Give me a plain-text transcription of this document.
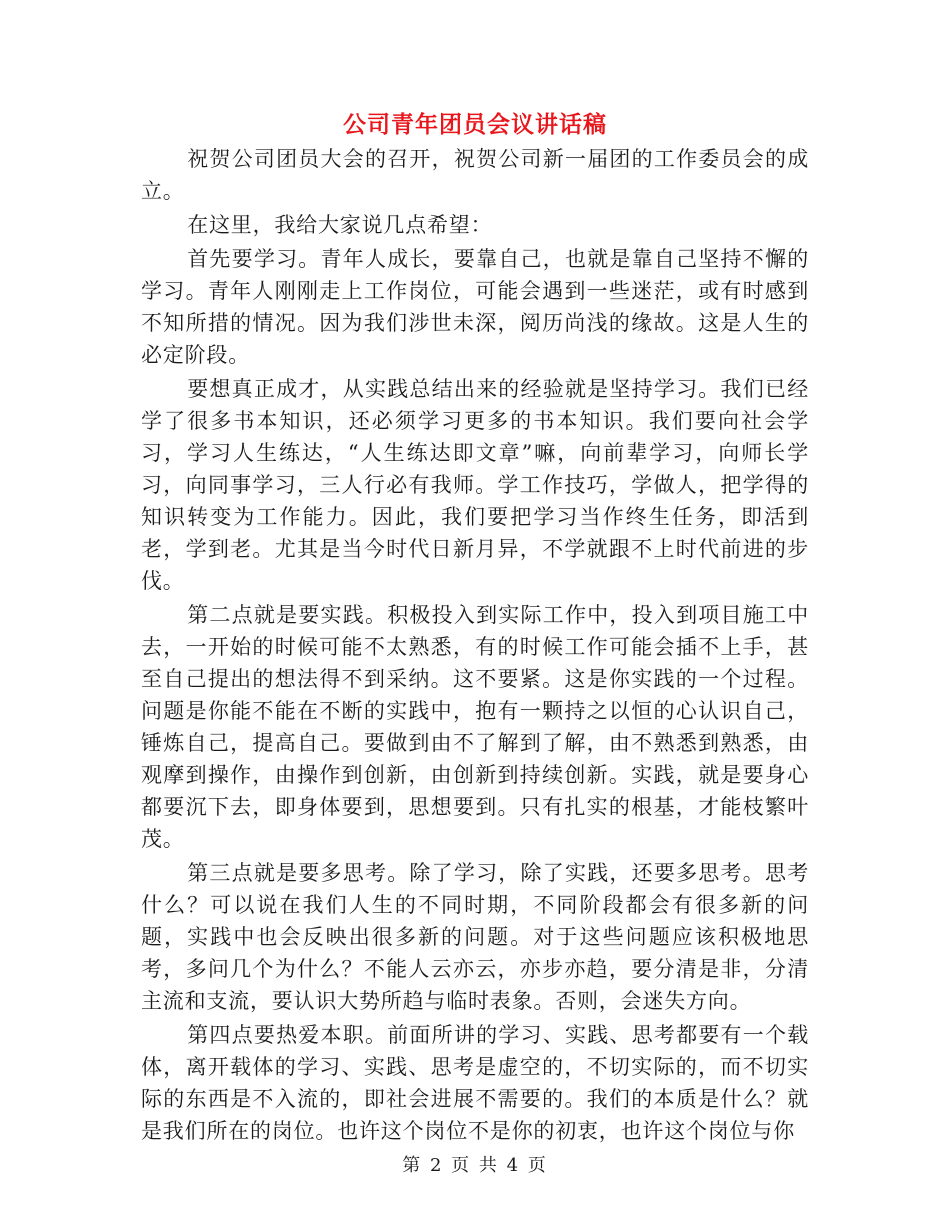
公司青年团员会议讲话稿

祝贺公司团员大会的召开，祝贺公司新一届团的工作委员会的成立。

在这里，我给大家说几点希望：

首先要学习。青年人成长，要靠自己，也就是靠自己坚持不懈的学习。青年人刚刚走上工作岗位，可能会遇到一些迷茫，或有时感到不知所措的情况。因为我们涉世未深，阅历尚浅的缘故。这是人生的必定阶段。

要想真正成才，从实践总结出来的经验就是坚持学习。我们已经学了很多书本知识，还必须学习更多的书本知识。我们要向社会学习，学习人生练达，“人生练达即文章”嘛，向前辈学习，向师长学习，向同事学习，三人行必有我师。学工作技巧，学做人，把学得的知识转变为工作能力。因此，我们要把学习当作终生任务，即活到老，学到老。尤其是当今时代日新月异，不学就跟不上时代前进的步伐。

第二点就是要实践。积极投入到实际工作中，投入到项目施工中去，一开始的时候可能不太熟悉，有的时候工作可能会插不上手，甚至自己提出的想法得不到采纳。这不要紧。这是你实践的一个过程。问题是你能不能在不断的实践中，抱有一颗持之以恒的心认识自己，锤炼自己，提高自己。要做到由不了解到了解，由不熟悉到熟悉，由观摩到操作，由操作到创新，由创新到持续创新。实践，就是要身心都要沉下去，即身体要到，思想要到。只有扎实的根基，才能枝繁叶茂。

第三点就是要多思考。除了学习，除了实践，还要多思考。思考什么？可以说在我们人生的不同时期，不同阶段都会有很多新的问题，实践中也会反映出很多新的问题。对于这些问题应该积极地思考，多问几个为什么？不能人云亦云，亦步亦趋，要分清是非，分清主流和支流，要认识大势所趋与临时表象。否则，会迷失方向。

第四点要热爱本职。前面所讲的学习、实践、思考都要有一个载体，离开载体的学习、实践、思考是虚空的，不切实际的，而不切实际的东西是不入流的，即社会进展不需要的。我们的本质是什么？就是我们所在的岗位。也许这个岗位不是你的初衷，也许这个岗位与你

第 2 页 共 4 页
